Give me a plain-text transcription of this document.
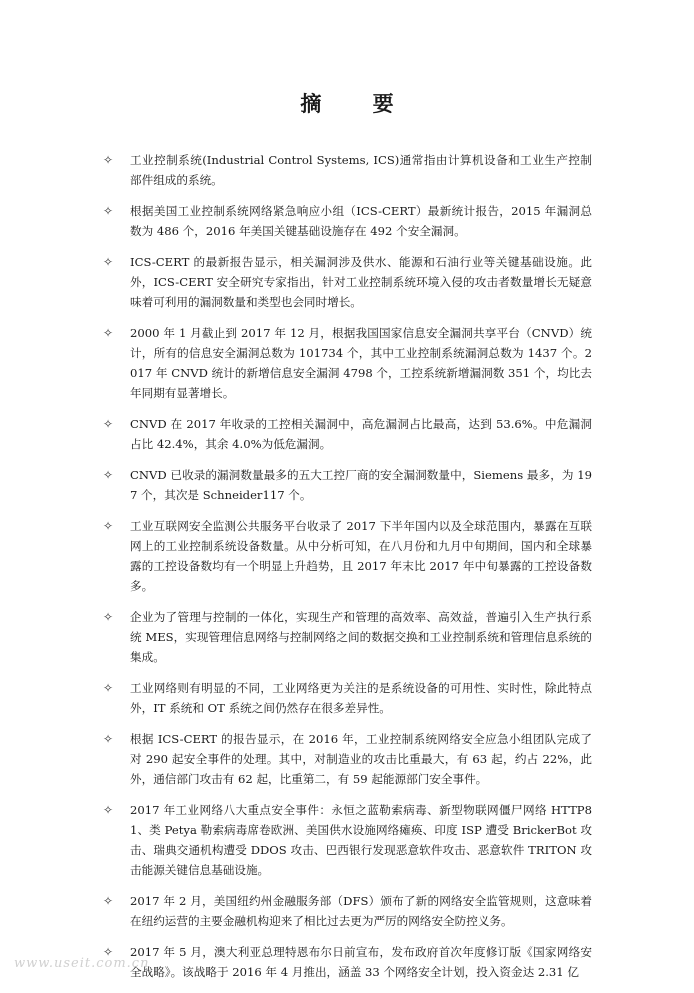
摘 要
✧	工业控制系统(Industrial Control Systems, ICS)通常指由计算机设备和工业生产控制部件组成的系统。
✧	根据美国工业控制系统网络紧急响应小组（ICS-CERT）最新统计报告，2015 年漏洞总数为 486 个，2016 年美国关键基础设施存在 492 个安全漏洞。
✧	ICS-CERT 的最新报告显示，相关漏洞涉及供水、能源和石油行业等关键基础设施。此外，ICS-CERT 安全研究专家指出，针对工业控制系统环境入侵的攻击者数量增长无疑意味着可利用的漏洞数量和类型也会同时增长。
✧	2000 年 1 月截止到 2017 年 12 月，根据我国国家信息安全漏洞共享平台（CNVD）统计，所有的信息安全漏洞总数为 101734 个，其中工业控制系统漏洞总数为 1437 个。2017 年 CNVD 统计的新增信息安全漏洞 4798 个，工控系统新增漏洞数 351 个，均比去年同期有显著增长。
✧	CNVD 在 2017 年收录的工控相关漏洞中，高危漏洞占比最高，达到 53.6%。中危漏洞占比 42.4%，其余 4.0%为低危漏洞。
✧	CNVD 已收录的漏洞数量最多的五大工控厂商的安全漏洞数量中，Siemens 最多，为 197 个，其次是 Schneider117 个。
✧	工业互联网安全监测公共服务平台收录了 2017 下半年国内以及全球范围内，暴露在互联网上的工业控制系统设备数量。从中分析可知，在八月份和九月中旬期间，国内和全球暴露的工控设备数均有一个明显上升趋势，且 2017 年末比 2017 年中旬暴露的工控设备数多。
✧	企业为了管理与控制的一体化，实现生产和管理的高效率、高效益，普遍引入生产执行系统 MES，实现管理信息网络与控制网络之间的数据交换和工业控制系统和管理信息系统的集成。
✧	工业网络则有明显的不同，工业网络更为关注的是系统设备的可用性、实时性，除此特点外，IT 系统和 OT 系统之间仍然存在很多差异性。
✧	根据 ICS-CERT 的报告显示，在 2016 年，工业控制系统网络安全应急小组团队完成了对 290 起安全事件的处理。其中，对制造业的攻击比重最大，有 63 起，约占 22%，此外，通信部门攻击有 62 起，比重第二，有 59 起能源部门安全事件。
✧	2017 年工业网络八大重点安全事件：永恒之蓝勒索病毒、新型物联网僵尸网络 HTTP81、类 Petya 勒索病毒席卷欧洲、美国供水设施网络瘫痪、印度 ISP 遭受 BrickerBot 攻击、瑞典交通机构遭受 DDOS 攻击、巴西银行发现恶意软件攻击、恶意软件 TRITON 攻击能源关键信息基础设施。
✧	2017 年 2 月，美国纽约州金融服务部（DFS）颁布了新的网络安全监管规则，这意味着在纽约运营的主要金融机构迎来了相比过去更为严厉的网络安全防控义务。
✧	2017 年 5 月，澳大利亚总理特恩布尔日前宣布，发布政府首次年度修订版《国家网络安全战略》。该战略于 2016 年 4 月推出，涵盖 33 个网络安全计划，投入资金达 2.31 亿
www.useit.com.cn
